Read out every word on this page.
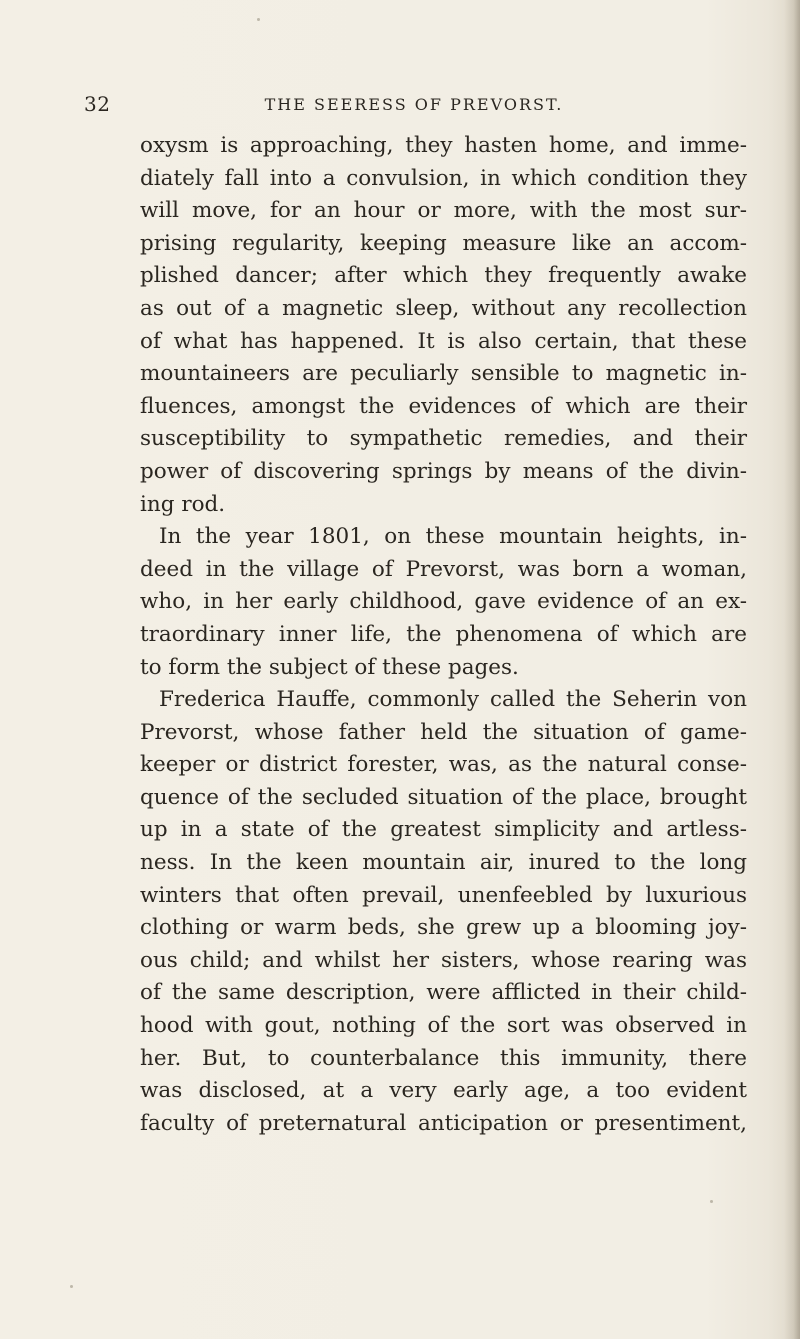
32	THE SEERESS OF PREVORST.
oxysm is approaching, they hasten home, and imme-
diately fall into a convulsion, in which condition they
will move, for an hour or more, with the most sur-
prising regularity, keeping measure like an accom-
plished dancer; after which they frequently awake
as out of a magnetic sleep, without any recollection
of what has happened. It is also certain, that these
mountaineers are peculiarly sensible to magnetic in-
fluences, amongst the evidences of which are their
susceptibility to sympathetic remedies, and their
power of discovering springs by means of the divin-
ing rod.
In the year 1801, on these mountain heights, in-
deed in the village of Prevorst, was born a woman,
who, in her early childhood, gave evidence of an ex-
traordinary inner life, the phenomena of which are
to form the subject of these pages.
Frederica Hauffe, commonly called the Seherin von
Prevorst, whose father held the situation of game-
keeper or district forester, was, as the natural conse-
quence of the secluded situation of the place, brought
up in a state of the greatest simplicity and artless-
ness. In the keen mountain air, inured to the long
winters that often prevail, unenfeebled by luxurious
clothing or warm beds, she grew up a blooming joy-
ous child; and whilst her sisters, whose rearing was
of the same description, were afflicted in their child-
hood with gout, nothing of the sort was observed in
her. But, to counterbalance this immunity, there
was disclosed, at a very early age, a too evident
faculty of preternatural anticipation or presentiment,
